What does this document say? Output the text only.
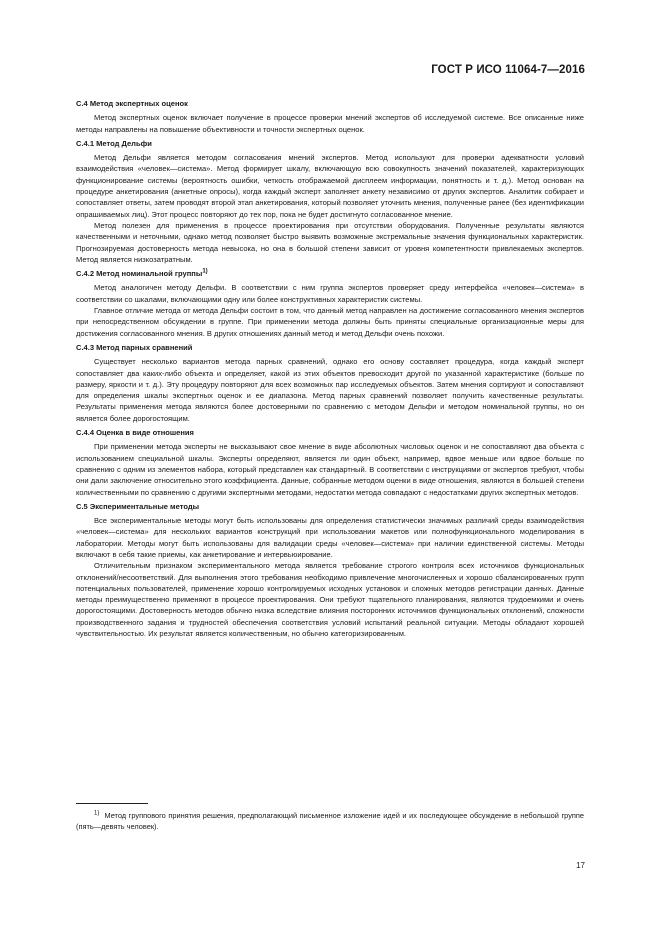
ГОСТ Р ИСО 11064-7—2016

С.4 Метод экспертных оценок

Метод экспертных оценок включает получение в процессе проверки мнений экспертов об исследуемой системе. Все описанные ниже методы направлены на повышение объективности и точности экспертных оценок.

С.4.1 Метод Дельфи

Метод Дельфи является методом согласования мнений экспертов. Метод используют для проверки адекватности условий взаимодействия «человек—система». Метод формирует шкалу, включающую всю совокупность значений показателей, характеризующих функционирование системы (вероятность ошибки, четкость отображаемой дисплеем информации, понятность и т. д.). Метод основан на процедуре анкетирования (анкетные опросы), когда каждый эксперт заполняет анкету независимо от других экспертов. Аналитик собирает и сопоставляет ответы, затем проводят второй этап анкетирования, который позволяет уточнить мнения, полученные ранее (без идентификации опрашиваемых лиц). Этот процесс повторяют до тех пор, пока не будет достигнуто согласованное мнение.

Метод полезен для применения в процессе проектирования при отсутствии оборудования. Полученные результаты являются качественными и неточными, однако метод позволяет быстро выявить возможные экстремальные значения функциональных характеристик. Прогнозируемая достоверность метода невысока, но она в большой степени зависит от уровня компетентности привлекаемых экспертов. Метод является низкозатратным.

С.4.2 Метод номинальной группы$^{1)}$

Метод аналогичен методу Дельфи. В соответствии с ним группа экспертов проверяет среду интерфейса «человек—система» в соответствии со шкалами, включающими одну или более конструктивных характеристик системы.

Главное отличие метода от метода Дельфи состоит в том, что данный метод направлен на достижение согласованного мнения экспертов при непосредственном обсуждении в группе. При применении метода должны быть приняты специальные организационные меры для достижения согласованного мнения. В других отношениях данный метод и метод Дельфи очень похожи.

С.4.3 Метод парных сравнений

Существует несколько вариантов метода парных сравнений, однако его основу составляет процедура, когда каждый эксперт сопоставляет два каких-либо объекта и определяет, какой из этих объектов превосходит другой по указанной характеристике (больше по размеру, яркости и т. д.). Эту процедуру повторяют для всех возможных пар исследуемых объектов. Затем мнения сортируют и сопоставляют для определения шкалы экспертных оценок и ее диапазона. Метод парных сравнений позволяет получить качественные результаты. Результаты применения метода являются более достоверными по сравнению с методом Дельфи и методом номинальной группы, но он является более дорогостоящим.

С.4.4 Оценка в виде отношения

При применении метода эксперты не высказывают свое мнение в виде абсолютных числовых оценок и не сопоставляют два объекта с использованием специальной шкалы. Эксперты определяют, является ли один объект, например, вдвое меньше или вдвое больше по сравнению с одним из элементов набора, который представлен как стандартный. В соответствии с инструкциями от экспертов требуют, чтобы они дали заключение относительно этого коэффициента. Данные, собранные методом оценки в виде отношения, являются в большей степени количественными по сравнению с другими экспертными методами, недостатки метода совпадают с недостатками других экспертных методов.

С.5 Экспериментальные методы

Все экспериментальные методы могут быть использованы для определения статистически значимых различий среды взаимодействия «человек—система» для нескольких вариантов конструкций при использовании макетов или полнофункционального моделирования в лаборатории. Методы могут быть использованы для валидации среды «человек—система» при наличии единственной системы. Методы включают в себя такие приемы, как анкетирование и интервьюирование.

Отличительным признаком экспериментального метода является требование строгого контроля всех источников функциональных отклонений/несоответствий. Для выполнения этого требования необходимо привлечение многочисленных и хорошо сбалансированных групп потенциальных пользователей, применение хорошо контролируемых исходных установок и сложных методов регистрации данных. Данные методы преимущественно применяют в процессе проектирования. Они требуют тщательного планирования, являются трудоемкими и очень дорогостоящими. Достоверность методов обычно низка вследствие влияния посторонних источников функциональных отклонений, сложности производственного задания и трудностей обеспечения соответствия условий испытаний реальной ситуации. Методы обладают хорошей чувствительностью. Их результат является количественным, но обычно категоризированным.

$^{1)}$ Метод группового принятия решения, предполагающий письменное изложение идей и их последующее обсуждение в небольшой группе (пять—девять человек).
17
